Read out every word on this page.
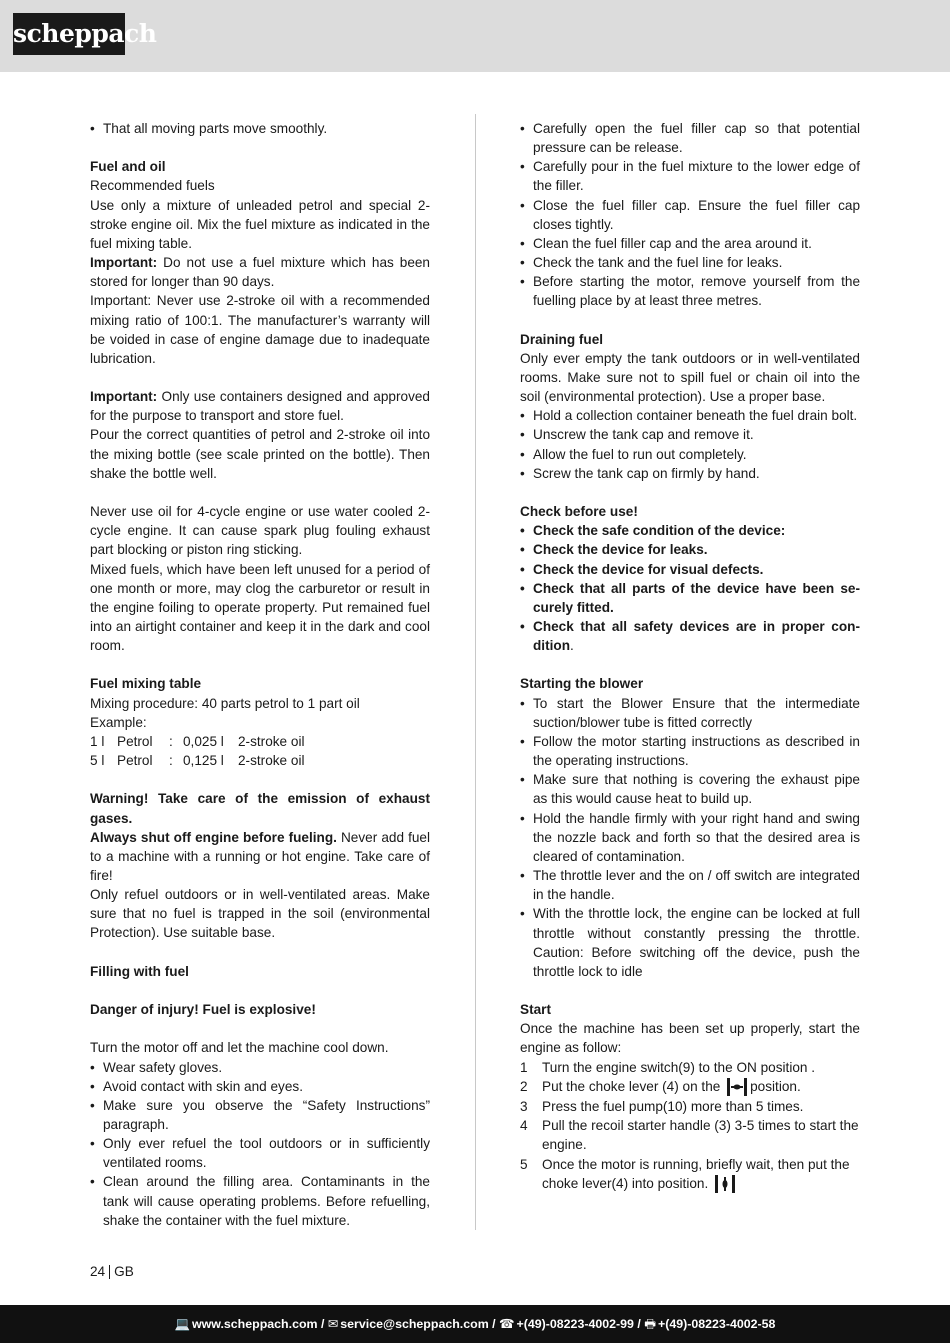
scheppach
• That all moving parts move smoothly.
Fuel and oil

Recommended fuels

Use only a mixture of unleaded petrol and special 2-stroke engine oil. Mix the fuel mixture as indicated in the fuel mixing table.

Important: Do not use a fuel mixture which has been stored for longer than 90 days.

Important: Never use 2-stroke oil with a recommended mixing ratio of 100:1. The manufacturer’s warranty will be voided in case of engine damage due to inadequate lubrication.

Important: Only use containers designed and approved for the purpose to transport and store fuel.

Pour the correct quantities of petrol and 2-stroke oil into the mixing bottle (see scale printed on the bottle). Then shake the bottle well.

Never use oil for 4-cycle engine or use water cooled 2-cycle engine. It can cause spark plug fouling exhaust part blocking or piston ring sticking.

Mixed fuels, which have been left unused for a period of one month or more, may clog the carburetor or result in the engine foiling to operate property. Put remained fuel into an airtight container and keep it in the dark and cool room.

Fuel mixing table

Mixing procedure: 40 parts petrol to 1 part oil

Example:

1 l Petrol	: 0,025 l	2-stroke oil
5 l Petrol	: 0,125 l	2-stroke oil

Warning! Take care of the emission of exhaust gases.

Always shut off engine before fueling. Never add fuel to a machine with a running or hot engine. Take care of fire!

Only refuel outdoors or in well-ventilated areas. Make sure that no fuel is trapped in the soil (environmental Protection). Use suitable base.

Filling with fuel
Danger of injury! Fuel is explosive!

Turn the motor off and let the machine cool down.

• Wear safety gloves.
• Avoid contact with skin and eyes.
• Make sure you observe the “Safety Instructions” paragraph.
• Only ever refuel the tool outdoors or in sufficiently ventilated rooms.
• Clean around the filling area. Contaminants in the tank will cause operating problems. Before refuelling, shake the container with the fuel mixture.
• Carefully open the fuel filler cap so that potential pressure can be release.
• Carefully pour in the fuel mixture to the lower edge of the filler.
• Close the fuel filler cap. Ensure the fuel filler cap closes tightly.
• Clean the fuel filler cap and the area around it.
• Check the tank and the fuel line for leaks.
• Before starting the motor, remove yourself from the fuelling place by at least three metres.
Draining fuel

Only ever empty the tank outdoors or in well-ventilated rooms. Make sure not to spill fuel or chain oil into the soil (environmental protection). Use a proper base.

• Hold a collection container beneath the fuel drain bolt.
• Unscrew the tank cap and remove it.
• Allow the fuel to run out completely.
• Screw the tank cap on firmly by hand.
Check before use!
• Check the safe condition of the device:
• Check the device for leaks.
• Check the device for visual defects.
• Check that all parts of the device have been securely fitted.
• Check that all safety devices are in proper condition.
Starting the blower
• To start the Blower Ensure that the intermediate suction/blower tube is fitted correctly
• Follow the motor starting instructions as described in the operating instructions.
• Make sure that nothing is covering the exhaust pipe as this would cause heat to build up.
• Hold the handle firmly with your right hand and swing the nozzle back and forth so that the desired area is cleared of contamination.
• The throttle lever and the on / off switch are integrated in the handle.
• With the throttle lock, the engine can be locked at full throttle without constantly pressing the throttle. Caution: Before switching off the device, push the throttle lock to idle
Start

Once the machine has been set up properly, start the engine as follow:

1 Turn the engine switch(9) to the ON position .
2 Put the choke lever (4) on the position.
3 Press the fuel pump(10) more than 5 times.
4 Pull the recoil starter handle (3) 3-5 times to start the engine.
5 Once the motor is running, briefly wait, then put the choke lever(4) into position.
24 GB
💻 www.scheppach.com / ✉ service@scheppach.com / ☎ +(49)-08223-4002-99 / 🖶 +(49)-08223-4002-58
